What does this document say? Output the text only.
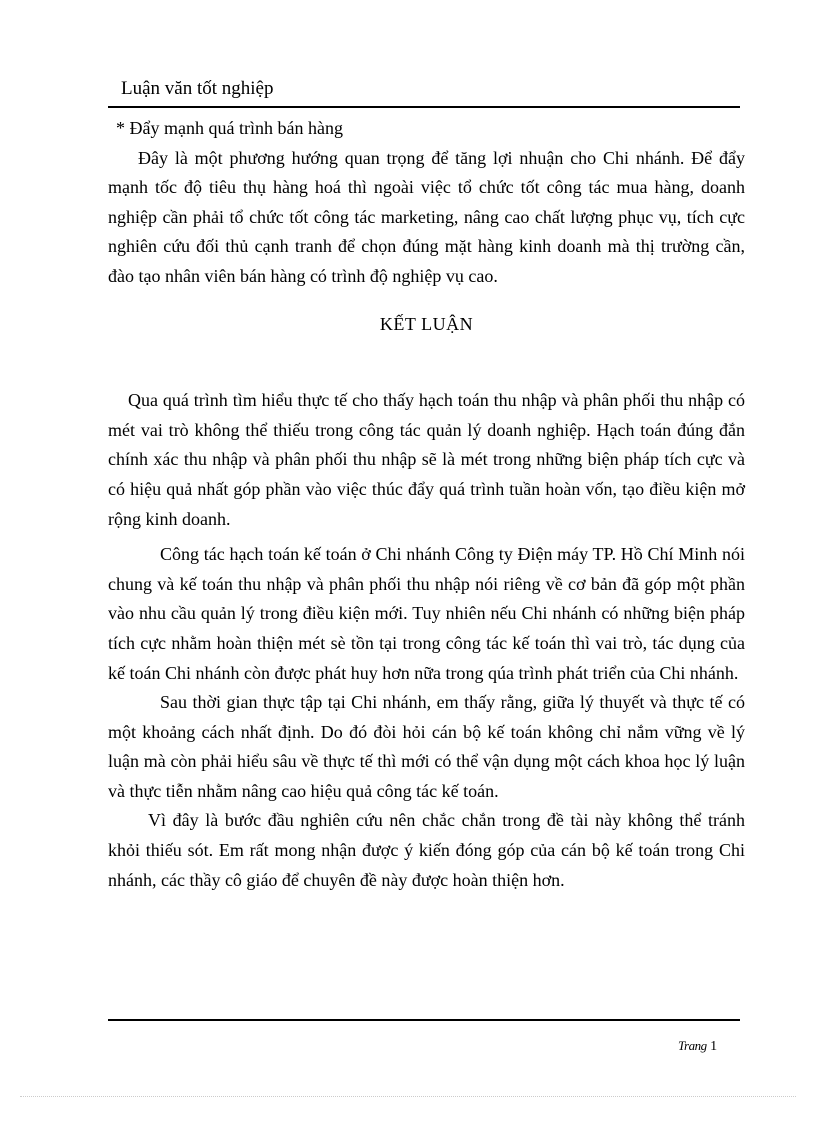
Luận văn tốt nghiệp

* Đẩy mạnh quá trình bán hàng

Đây là một phương hướng quan trọng để tăng lợi nhuận cho Chi nhánh. Để đẩy mạnh tốc độ tiêu thụ hàng hoá thì ngoài việc tổ chức tốt công tác mua hàng, doanh nghiệp cần phải tổ chức tốt công tác marketing, nâng cao chất lượng phục vụ, tích cực nghiên cứu đối thủ cạnh tranh để chọn đúng mặt hàng kinh doanh mà thị trường cần, đào tạo nhân viên bán hàng có trình độ nghiệp vụ cao.

KẾT LUẬN

Qua quá trình tìm hiểu thực tế cho thấy hạch toán thu nhập và phân phối thu nhập có mét vai trò không thể thiếu trong công tác quản lý doanh nghiệp. Hạch toán đúng đắn chính xác thu nhập và phân phối thu nhập sẽ là mét trong những biện pháp tích cực và có hiệu quả nhất góp phần vào việc thúc đẩy quá trình tuần hoàn vốn, tạo điều kiện mở rộng kinh doanh.

Công tác hạch toán kế toán ở Chi nhánh Công ty Điện máy TP. Hồ Chí Minh nói chung và kế toán thu nhập và phân phối thu nhập nói riêng về cơ bản đã góp một phần vào nhu cầu quản lý trong điều kiện mới. Tuy nhiên nếu Chi nhánh có những biện pháp tích cực nhằm hoàn thiện mét sè tồn tại trong công tác kế toán thì vai trò, tác dụng của kế toán Chi nhánh còn được phát huy hơn nữa trong qúa trình phát triển của Chi nhánh.

Sau thời gian thực tập tại Chi nhánh, em thấy rằng, giữa lý thuyết và thực tế có một khoảng cách nhất định. Do đó đòi hỏi cán bộ kế toán không chỉ nắm vững về lý luận mà còn phải hiểu sâu về thực tế thì mới có thể vận dụng một cách khoa học lý luận và thực tiễn nhằm nâng cao hiệu quả công tác kế toán.

Vì đây là bước đầu nghiên cứu nên chắc chắn trong đề tài này không thể tránh khỏi thiếu sót. Em rất mong nhận được ý kiến đóng góp của cán bộ kế toán trong Chi nhánh, các thầy cô giáo để chuyên đề này được hoàn thiện hơn.

Trang 1
